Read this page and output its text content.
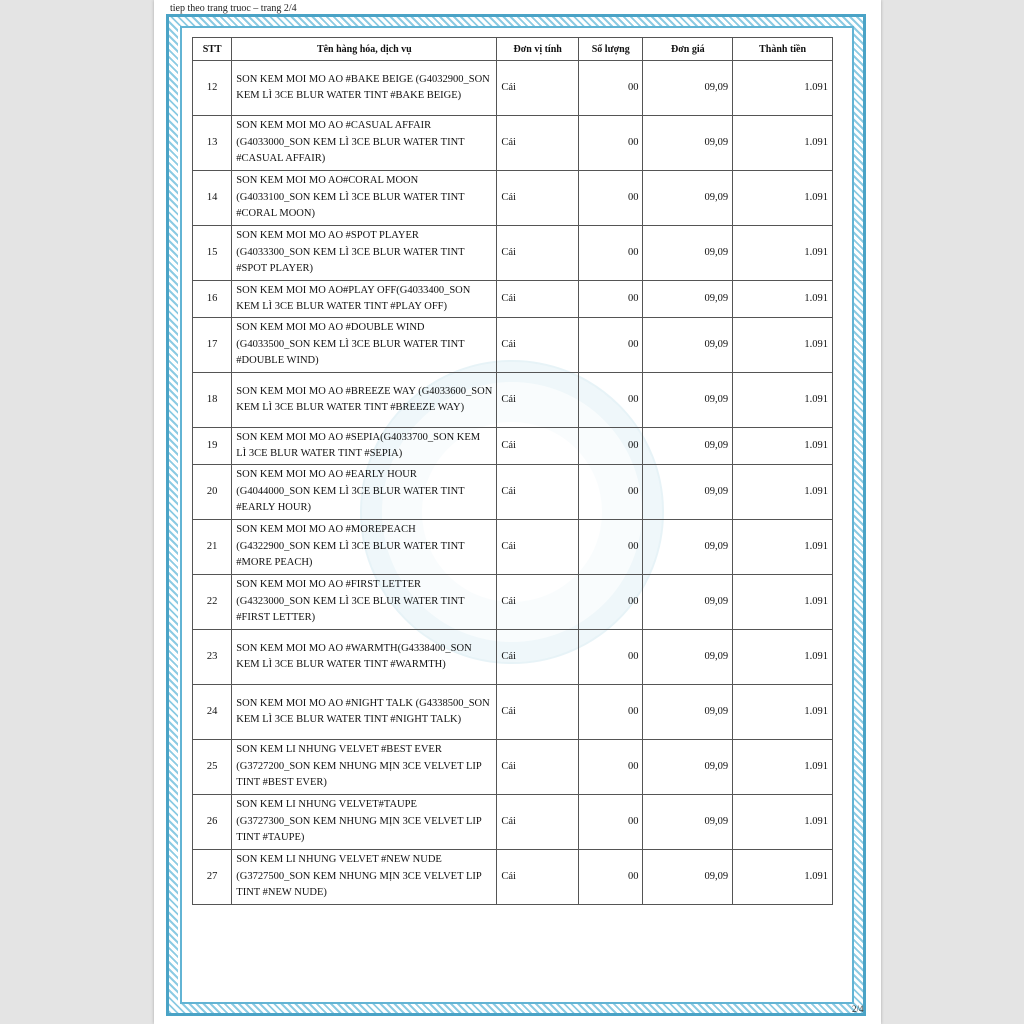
tiep theo trang truoc – trang 2/4
STT	Tên hàng hóa, dịch vụ	Đơn vị tính	Số lượng	Đơn giá	Thành tiền
12	SON KEM MOI MO AO #BAKE BEIGE (G4032900_SON KEM LÌ 3CE BLUR WATER TINT #BAKE BEIGE)	Cái	00	09,09	1.091
13	SON KEM MOI MO AO #CASUAL AFFAIR (G4033000_SON KEM LÌ 3CE BLUR WATER TINT #CASUAL AFFAIR)	Cái	00	09,09	1.091
14	SON KEM MOI MO AO#CORAL MOON (G4033100_SON KEM LÌ 3CE BLUR WATER TINT #CORAL MOON)	Cái	00	09,09	1.091
15	SON KEM MOI MO AO #SPOT PLAYER (G4033300_SON KEM LÌ 3CE BLUR WATER TINT #SPOT PLAYER)	Cái	00	09,09	1.091
16	SON KEM MOI MO AO#PLAY OFF(G4033400_SON KEM LÌ 3CE BLUR WATER TINT #PLAY OFF)	Cái	00	09,09	1.091
17	SON KEM MOI MO AO #DOUBLE WIND (G4033500_SON KEM LÌ 3CE BLUR WATER TINT #DOUBLE WIND)	Cái	00	09,09	1.091
18	SON KEM MOI MO AO #BREEZE WAY (G4033600_SON KEM LÌ 3CE BLUR WATER TINT #BREEZE WAY)	Cái	00	09,09	1.091
19	SON KEM MOI MO AO #SEPIA(G4033700_SON KEM LÌ 3CE BLUR WATER TINT #SEPIA)	Cái	00	09,09	1.091
20	SON KEM MOI MO AO #EARLY HOUR (G4044000_SON KEM LÌ 3CE BLUR WATER TINT #EARLY HOUR)	Cái	00	09,09	1.091
21	SON KEM MOI MO AO #MOREPEACH (G4322900_SON KEM LÌ 3CE BLUR WATER TINT #MORE PEACH)	Cái	00	09,09	1.091
22	SON KEM MOI MO AO #FIRST LETTER (G4323000_SON KEM LÌ 3CE BLUR WATER TINT #FIRST LETTER)	Cái	00	09,09	1.091
23	SON KEM MOI MO AO #WARMTH(G4338400_SON KEM LÌ 3CE BLUR WATER TINT #WARMTH)	Cái	00	09,09	1.091
24	SON KEM MOI MO AO #NIGHT TALK (G4338500_SON KEM LÌ 3CE BLUR WATER TINT #NIGHT TALK)	Cái	00	09,09	1.091
25	SON KEM LI NHUNG VELVET #BEST EVER (G3727200_SON KEM NHUNG MỊN 3CE VELVET LIP TINT #BEST EVER)	Cái	00	09,09	1.091
26	SON KEM LI NHUNG VELVET#TAUPE (G3727300_SON KEM NHUNG MỊN 3CE VELVET LIP TINT #TAUPE)	Cái	00	09,09	1.091
27	SON KEM LI NHUNG VELVET #NEW NUDE (G3727500_SON KEM NHUNG MỊN 3CE VELVET LIP TINT #NEW NUDE)	Cái	00	09,09	1.091
2/4
